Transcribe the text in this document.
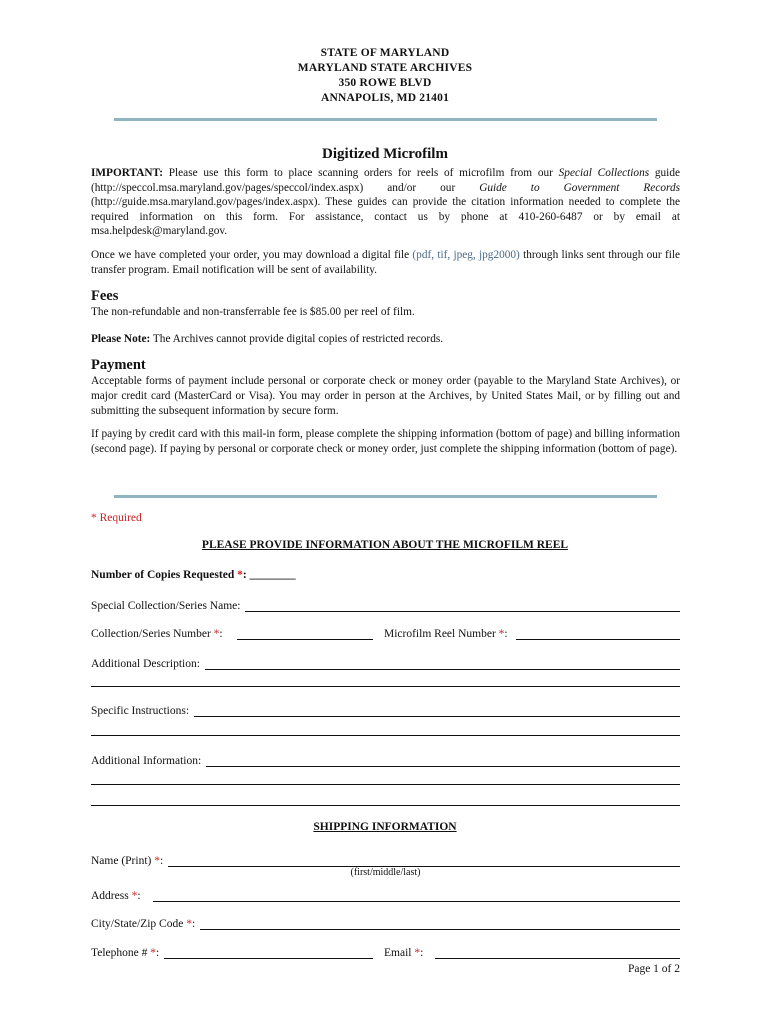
STATE OF MARYLAND
MARYLAND STATE ARCHIVES
350 ROWE BLVD
ANNAPOLIS, MD 21401
Digitized Microfilm
IMPORTANT: Please use this form to place scanning orders for reels of microfilm from our Special Collections guide (http://speccol.msa.maryland.gov/pages/speccol/index.aspx) and/or our Guide to Government Records (http://guide.msa.maryland.gov/pages/index.aspx). These guides can provide the citation information needed to complete the required information on this form. For assistance, contact us by phone at 410-260-6487 or by email at msa.helpdesk@maryland.gov.
Once we have completed your order, you may download a digital file (pdf, tif, jpeg, jpg2000) through links sent through our file transfer program. Email notification will be sent of availability.
Fees
The non-refundable and non-transferrable fee is $85.00 per reel of film.
Please Note: The Archives cannot provide digital copies of restricted records.
Payment
Acceptable forms of payment include personal or corporate check or money order (payable to the Maryland State Archives), or major credit card (MasterCard or Visa). You may order in person at the Archives, by United States Mail, or by filling out and submitting the subsequent information by secure form.
If paying by credit card with this mail-in form, please complete the shipping information (bottom of page) and billing information (second page). If paying by personal or corporate check or money order, just complete the shipping information (bottom of page).
* Required
PLEASE PROVIDE INFORMATION ABOUT THE MICROFILM REEL
Number of Copies Requested *: ________
Special Collection/Series Name:
Collection/Series Number *:	Microfilm Reel Number *:
Additional Description:
Specific Instructions:
Additional Information:
SHIPPING INFORMATION
Name (Print) *:
(first/middle/last)
Address *:
City/State/Zip Code *:
Telephone # *:	Email *:
Page 1 of 2
